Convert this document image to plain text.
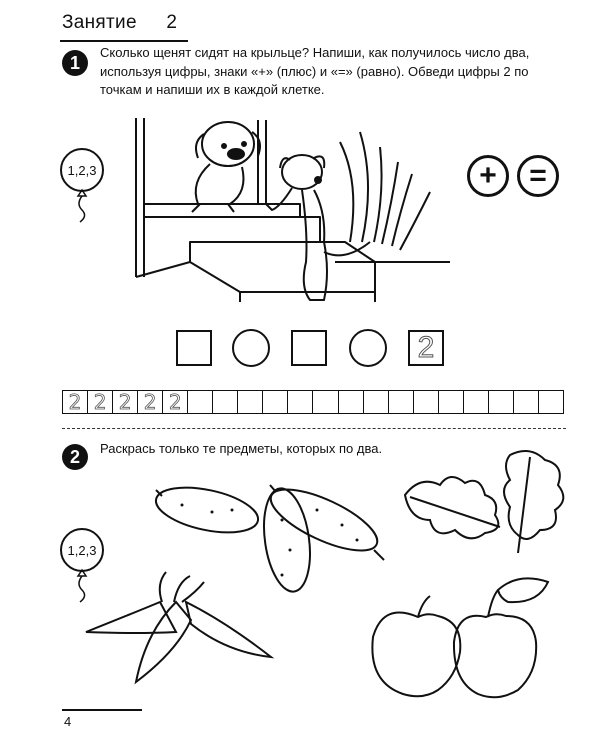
Занятие 2
1	Сколько щенят сидят на крыльце? Напиши, как получилось число два, используя цифры, знаки «+» (плюс) и «=» (равно). Обведи цифры 2 по точкам и напиши их в каждой клетке.
1,2,3	+	=
2
2 2 2 2 2
2	Раскрась только те предметы, которых по два.
1,2,3
4
